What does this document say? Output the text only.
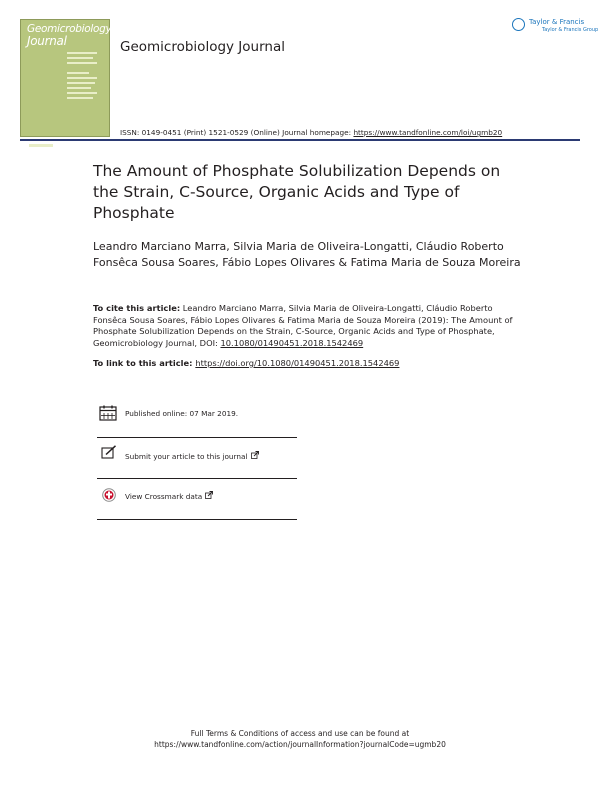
Geomicrobiology
Journal	Geomicrobiology Journal
Taylor & Francis
Taylor & Francis Group
ISSN: 0149-0451 (Print) 1521-0529 (Online) Journal homepage: https://www.tandfonline.com/loi/ugmb20
The Amount of Phosphate Solubilization Depends on the Strain, C-Source, Organic Acids and Type of Phosphate
Leandro Marciano Marra, Silvia Maria de Oliveira-Longatti, Cláudio Roberto Fonsêca Sousa Soares, Fábio Lopes Olivares & Fatima Maria de Souza Moreira
To cite this article: Leandro Marciano Marra, Silvia Maria de Oliveira-Longatti, Cláudio Roberto Fonsêca Sousa Soares, Fábio Lopes Olivares & Fatima Maria de Souza Moreira (2019): The Amount of Phosphate Solubilization Depends on the Strain, C-Source, Organic Acids and Type of Phosphate, Geomicrobiology Journal, DOI: 10.1080/01490451.2018.1542469
To link to this article: https://doi.org/10.1080/01490451.2018.1542469
Published online: 07 Mar 2019.
Submit your article to this journal
View Crossmark data
Full Terms & Conditions of access and use can be found at
https://www.tandfonline.com/action/journalInformation?journalCode=ugmb20
